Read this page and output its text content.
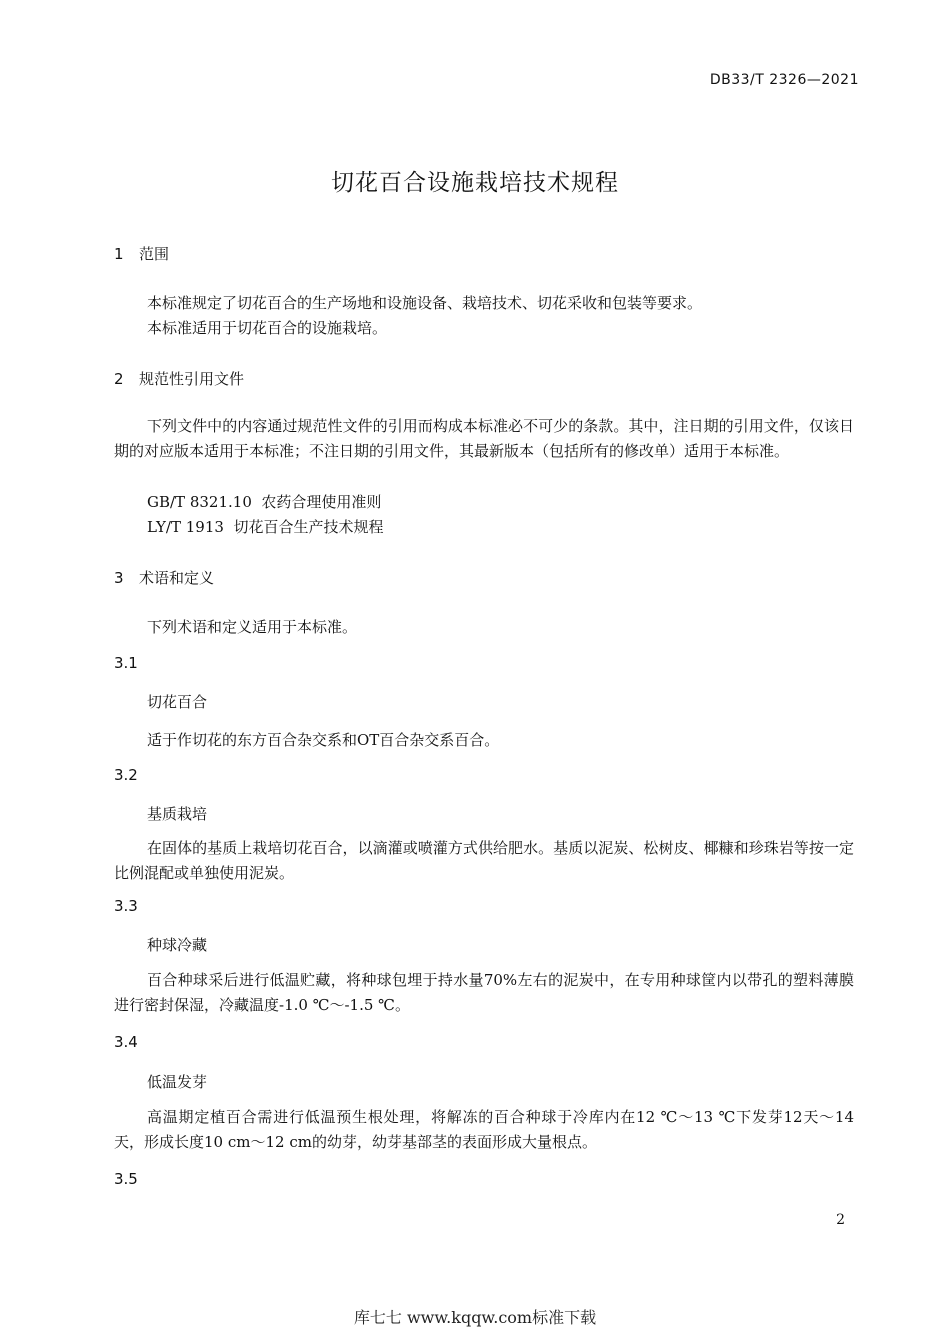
DB33/T 2326—2021
切花百合设施栽培技术规程
1 范围
本标准规定了切花百合的生产场地和设施设备、栽培技术、切花采收和包装等要求。
本标准适用于切花百合的设施栽培。
2 规范性引用文件
下列文件中的内容通过规范性文件的引用而构成本标准必不可少的条款。其中，注日期的引用文件，仅该日期的对应版本适用于本标准；不注日期的引用文件，其最新版本（包括所有的修改单）适用于本标准。
GB/T 8321.10  农药合理使用准则
LY/T 1913  切花百合生产技术规程
3 术语和定义
下列术语和定义适用于本标准。
3.1
切花百合
适于作切花的东方百合杂交系和OT百合杂交系百合。
3.2
基质栽培
在固体的基质上栽培切花百合，以滴灌或喷灌方式供给肥水。基质以泥炭、松树皮、椰糠和珍珠岩等按一定比例混配或单独使用泥炭。
3.3
种球冷藏
百合种球采后进行低温贮藏，将种球包埋于持水量70%左右的泥炭中，在专用种球筐内以带孔的塑料薄膜进行密封保湿，冷藏温度-1.0 ℃～-1.5 ℃。
3.4
低温发芽
高温期定植百合需进行低温预生根处理，将解冻的百合种球于冷库内在12 ℃～13 ℃下发芽12天～14 天，形成长度10 cm～12 cm的幼芽，幼芽基部茎的表面形成大量根点。
3.5
2
库七七 www.kqqw.com标准下载
